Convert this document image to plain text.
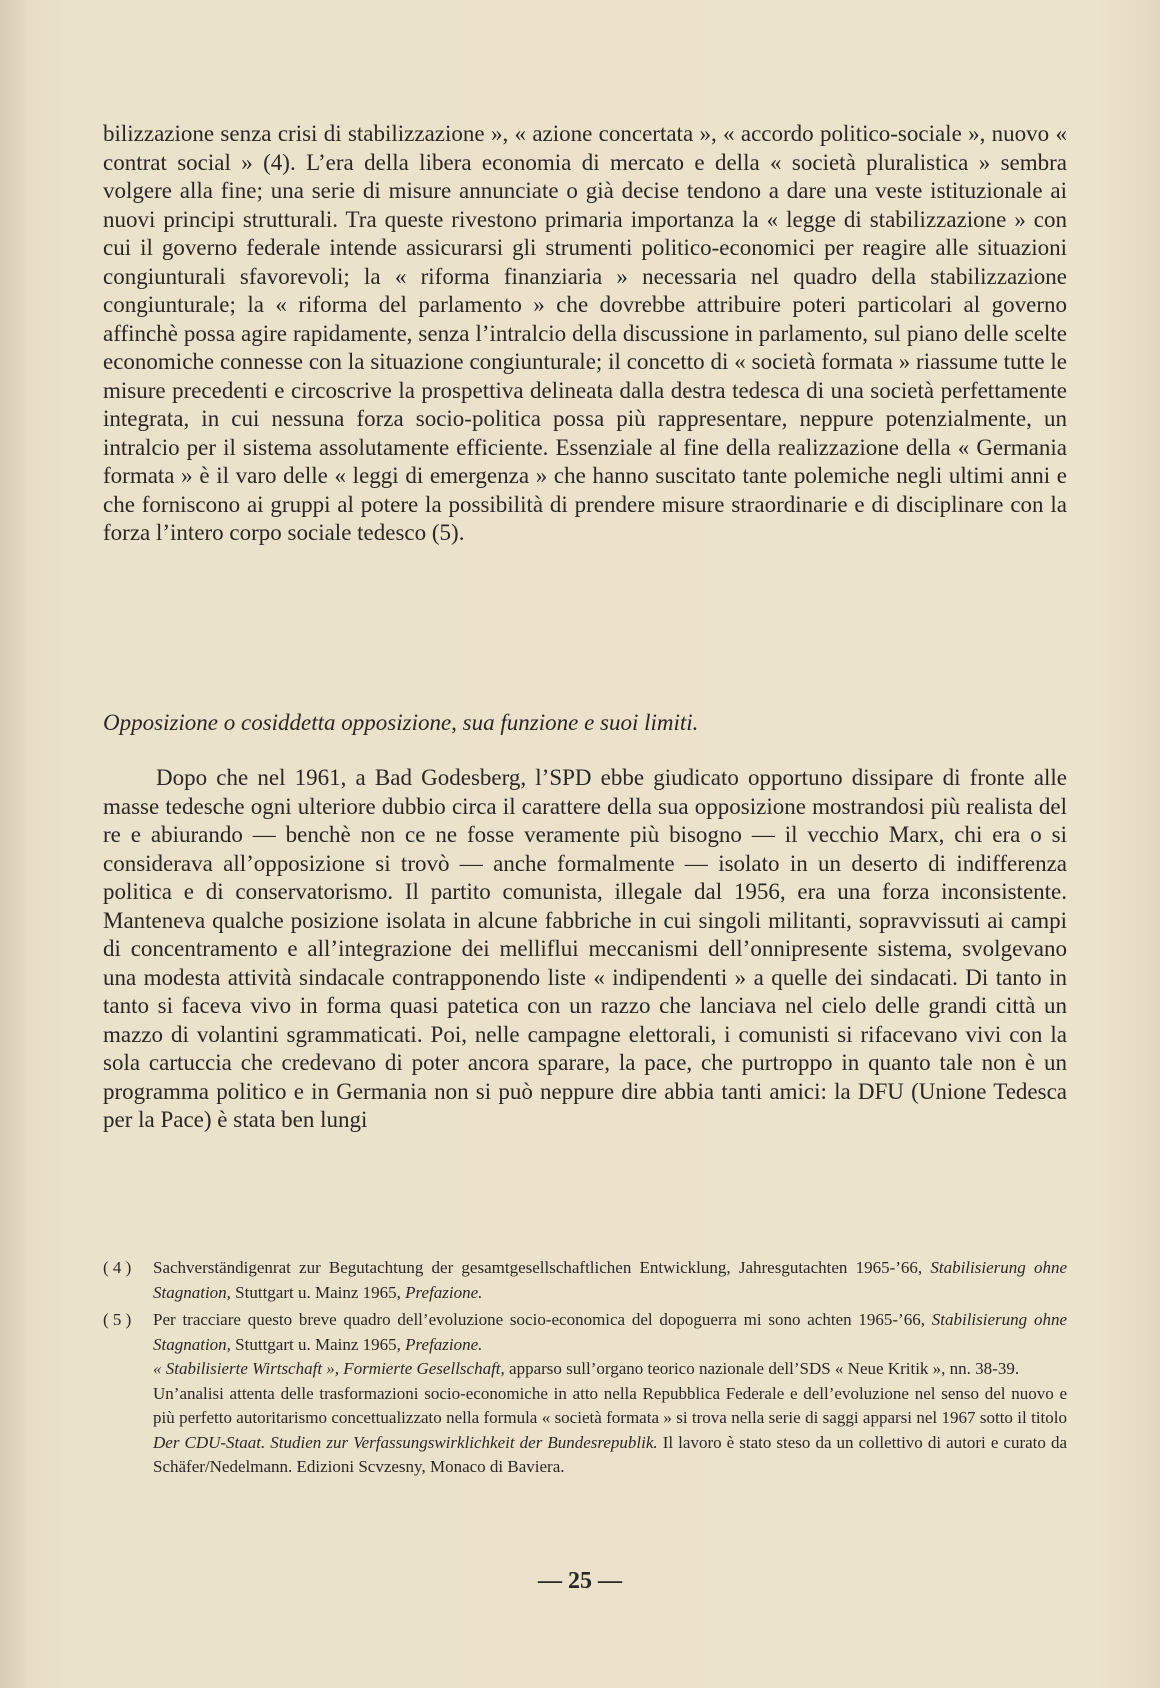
bilizzazione senza crisi di stabilizzazione », « azione concertata », « accordo politico-sociale », nuovo « contrat social » (4). L’era della libera economia di mercato e della « società pluralistica » sembra volgere alla fine; una serie di misure annunciate o già decise tendono a dare una veste istituzionale ai nuovi principi strutturali. Tra queste rivestono primaria importanza la « legge di stabilizzazione » con cui il governo federale intende assicurarsi gli strumenti politico-economici per reagire alle situazioni congiunturali sfavorevoli; la « riforma finanziaria » necessaria nel quadro della stabilizzazione congiunturale; la « riforma del parlamento » che dovrebbe attribuire poteri particolari al governo affinchè possa agire rapidamente, senza l’intralcio della discussione in parlamento, sul piano delle scelte economiche connesse con la situazione congiunturale; il concetto di « società formata » riassume tutte le misure precedenti e circoscrive la prospettiva delineata dalla destra tedesca di una società perfettamente integrata, in cui nessuna forza socio-politica possa più rappresentare, neppure potenzialmente, un intralcio per il sistema assolutamente efficiente. Essenziale al fine della realizzazione della « Germania formata » è il varo delle « leggi di emergenza » che hanno suscitato tante polemiche negli ultimi anni e che forniscono ai gruppi al potere la possibilità di prendere misure straordinarie e di disciplinare con la forza l’intero corpo sociale tedesco (5).

Opposizione o cosiddetta opposizione, sua funzione e suoi limiti.

Dopo che nel 1961, a Bad Godesberg, l’SPD ebbe giudicato opportuno dissipare di fronte alle masse tedesche ogni ulteriore dubbio circa il carattere della sua opposizione mostrandosi più realista del re e abiurando — benchè non ce ne fosse veramente più bisogno — il vecchio Marx, chi era o si considerava all’opposizione si trovò — anche formalmente — isolato in un deserto di indifferenza politica e di conservatorismo. Il partito comunista, illegale dal 1956, era una forza inconsistente. Manteneva qualche posizione isolata in alcune fabbriche in cui singoli militanti, sopravvissuti ai campi di concentramento e all’integrazione dei melliflui meccanismi dell’onnipresente sistema, svolgevano una modesta attività sindacale contrapponendo liste « indipendenti » a quelle dei sindacati. Di tanto in tanto si faceva vivo in forma quasi patetica con un razzo che lanciava nel cielo delle grandi città un mazzo di volantini sgrammaticati. Poi, nelle campagne elettorali, i comunisti si rifacevano vivi con la sola cartuccia che credevano di poter ancora sparare, la pace, che purtroppo in quanto tale non è un programma politico e in Germania non si può neppure dire abbia tanti amici: la DFU (Unione Tedesca per la Pace) è stata ben lungi

( 4 )	Sachverständigenrat zur Begutachtung der gesamtgesellschaftlichen Entwicklung, Jahresgutachten 1965-’66, Stabilisierung ohne Stagnation, Stuttgart u. Mainz 1965, Prefazione.

( 5 )	Per tracciare questo breve quadro dell’evoluzione socio-economica del dopoguerra mi sono achten 1965-’66, Stabilisierung ohne Stagnation, Stuttgart u. Mainz 1965, Prefazione.

« Stabilisierte Wirtschaft », Formierte Gesellschaft, apparso sull’organo teorico nazionale dell’SDS « Neue Kritik », nn. 38-39.

Un’analisi attenta delle trasformazioni socio-economiche in atto nella Repubblica Federale e dell’evoluzione nel senso del nuovo e più perfetto autoritarismo concettualizzato nella formula « società formata » si trova nella serie di saggi apparsi nel 1967 sotto il titolo Der CDU-Staat. Studien zur Verfassungswirklichkeit der Bundesrepublik. Il lavoro è stato steso da un collettivo di autori e curato da Schäfer/Nedelmann. Edizioni Scvzesny, Monaco di Baviera.

— 25 —
